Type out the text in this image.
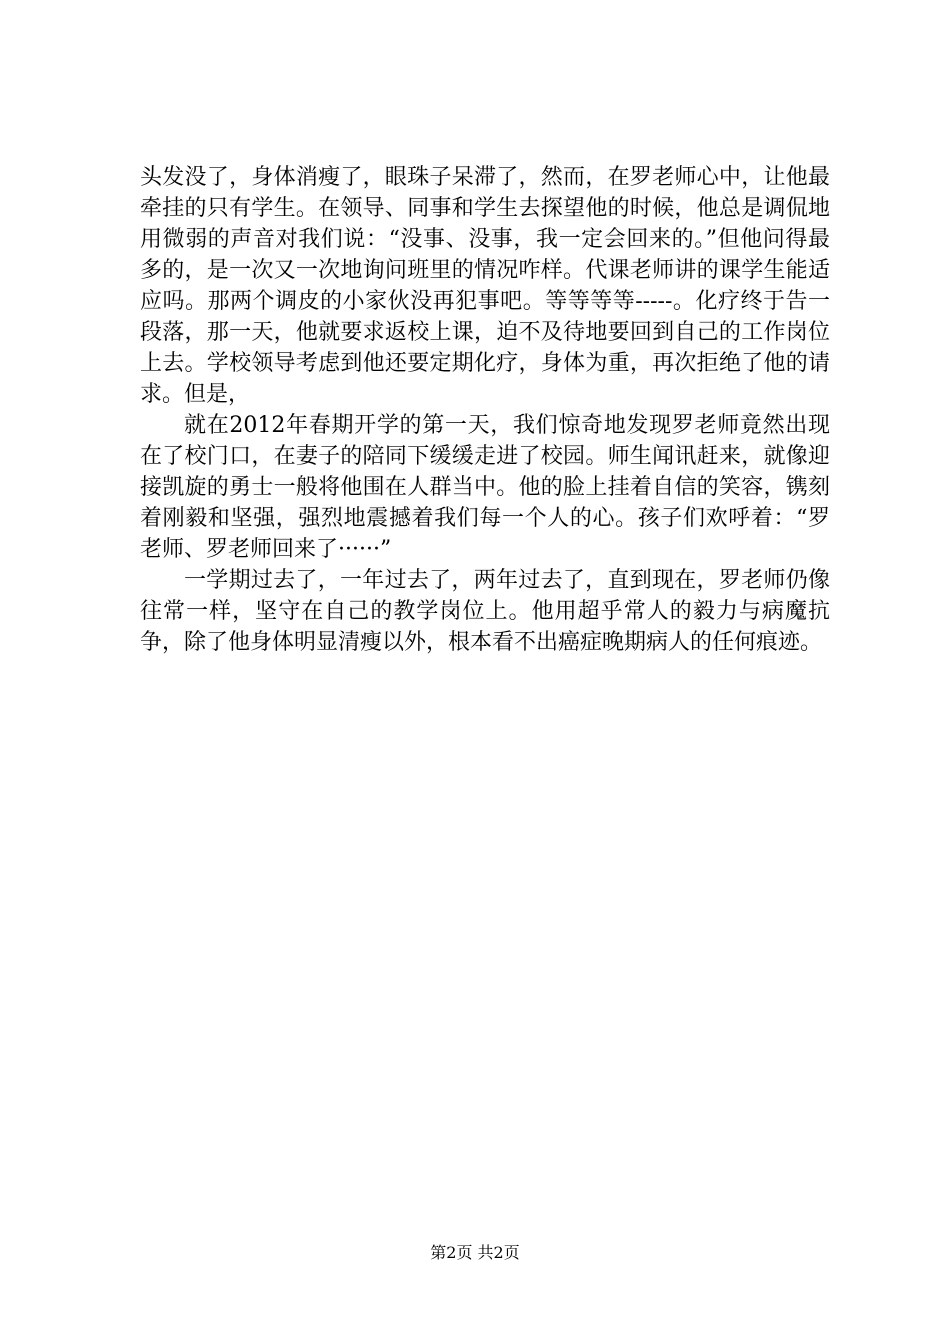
头发没了，身体消瘦了，眼珠子呆滞了，然而，在罗老师心中，让他最牵挂的只有学生。在领导、同事和学生去探望他的时候，他总是调侃地用微弱的声音对我们说：“没事、没事，我一定会回来的。”但他问得最多的，是一次又一次地询问班里的情况咋样。代课老师讲的课学生能适应吗。那两个调皮的小家伙没再犯事吧。等等等等-----。化疗终于告一段落，那一天，他就要求返校上课，迫不及待地要回到自己的工作岗位上去。学校领导考虑到他还要定期化疗，身体为重，再次拒绝了他的请求。但是，

就在2012年春期开学的第一天，我们惊奇地发现罗老师竟然出现在了校门口，在妻子的陪同下缓缓走进了校园。师生闻讯赶来，就像迎接凯旋的勇士一般将他围在人群当中。他的脸上挂着自信的笑容，镌刻着刚毅和坚强，强烈地震撼着我们每一个人的心。孩子们欢呼着：“罗老师、罗老师回来了······”

一学期过去了，一年过去了，两年过去了，直到现在，罗老师仍像往常一样，坚守在自己的教学岗位上。他用超乎常人的毅力与病魔抗争，除了他身体明显清瘦以外，根本看不出癌症晚期病人的任何痕迹。

第2页 共2页
